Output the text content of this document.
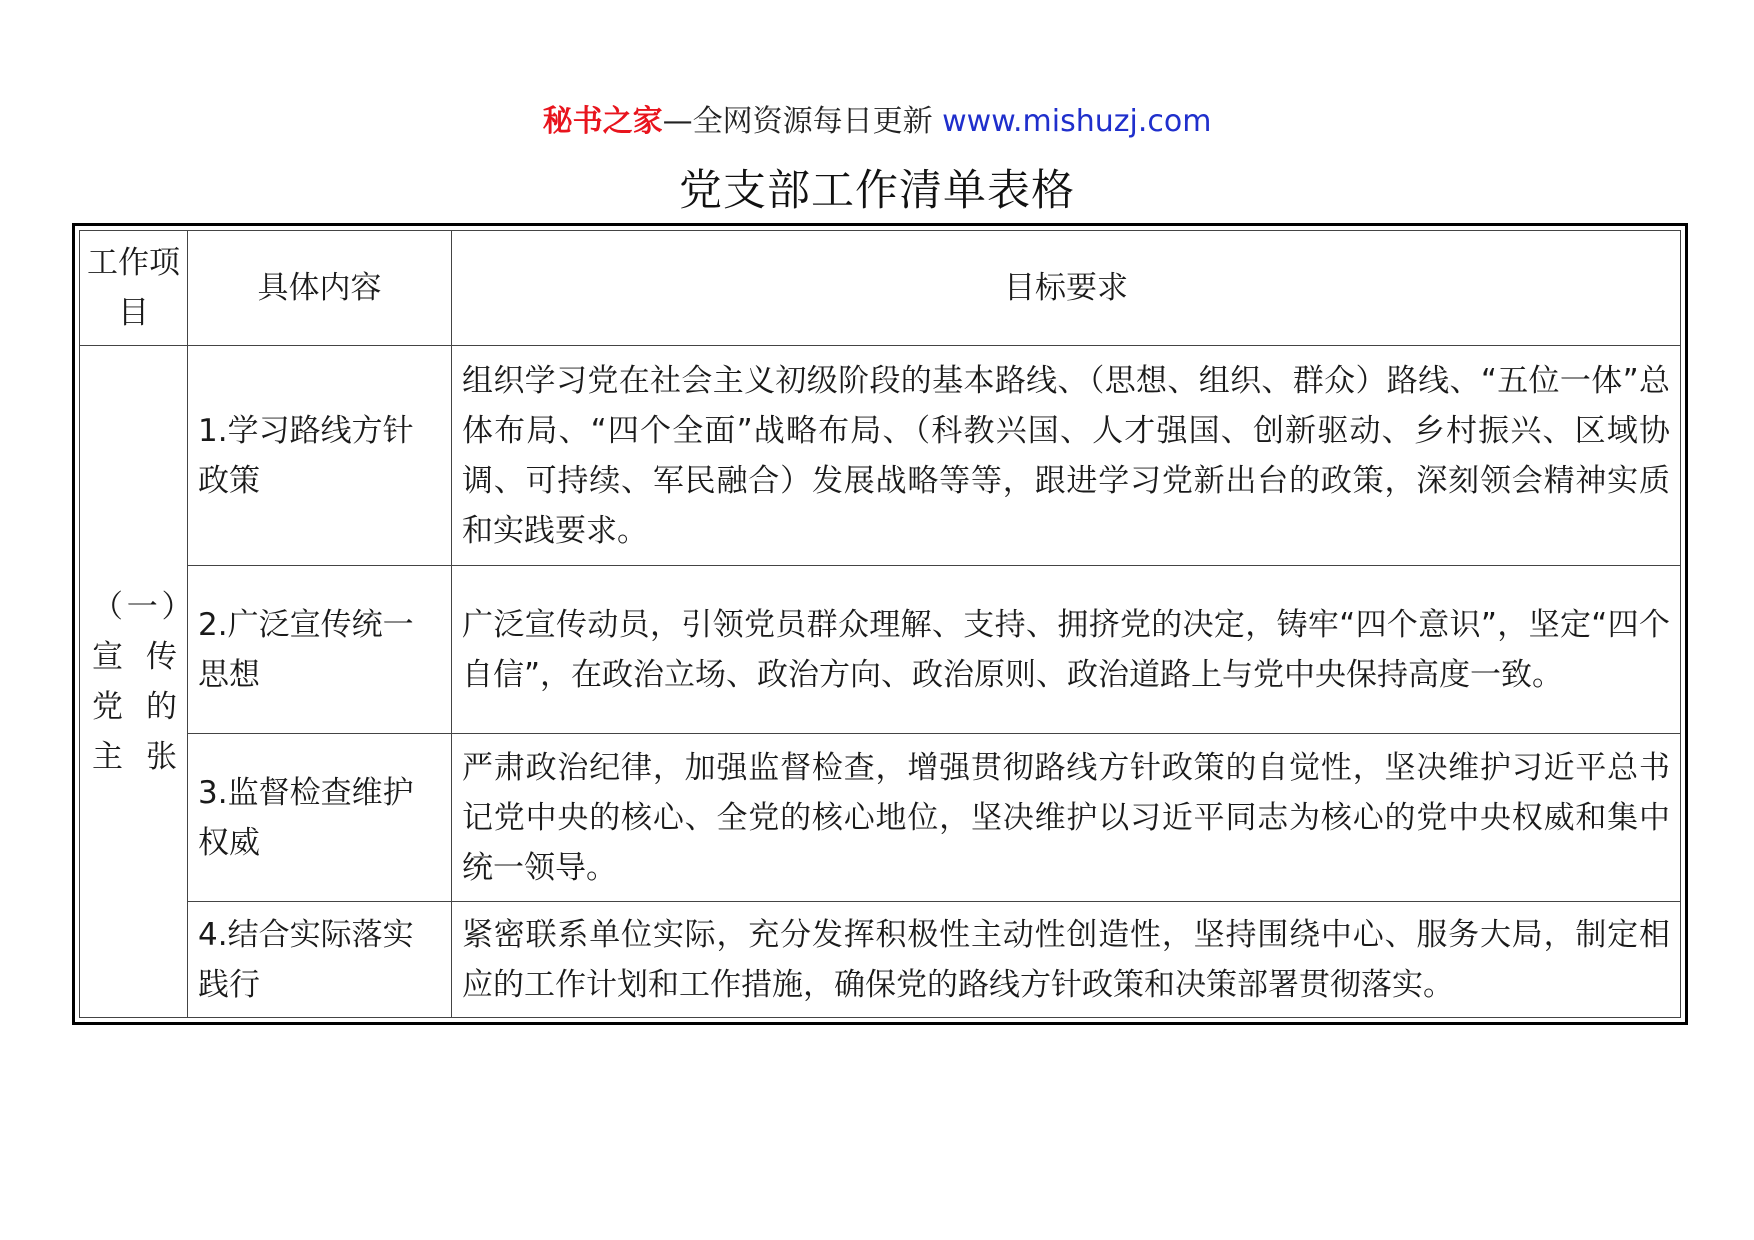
秘书之家—全网资源每日更新 www.mishuzj.com
党支部工作清单表格
工作项目	具体内容	目标要求
（一）宣传党的主张	1.学习路线方针政策	组织学习党在社会主义初级阶段的基本路线、（思想、组织、群众）路线、“五位一体”总体布局、“四个全面”战略布局、（科教兴国、人才强国、创新驱动、乡村振兴、区域协调、可持续、军民融合）发展战略等等，跟进学习党新出台的政策，深刻领会精神实质和实践要求。
	2.广泛宣传统一思想	广泛宣传动员，引领党员群众理解、支持、拥挤党的决定，铸牢“四个意识”，坚定“四个自信”，在政治立场、政治方向、政治原则、政治道路上与党中央保持高度一致。
	3.监督检查维护权威	严肃政治纪律，加强监督检查，增强贯彻路线方针政策的自觉性，坚决维护习近平总书记党中央的核心、全党的核心地位，坚决维护以习近平同志为核心的党中央权威和集中统一领导。
	4.结合实际落实践行	紧密联系单位实际，充分发挥积极性主动性创造性，坚持围绕中心、服务大局，制定相应的工作计划和工作措施，确保党的路线方针政策和决策部署贯彻落实。
